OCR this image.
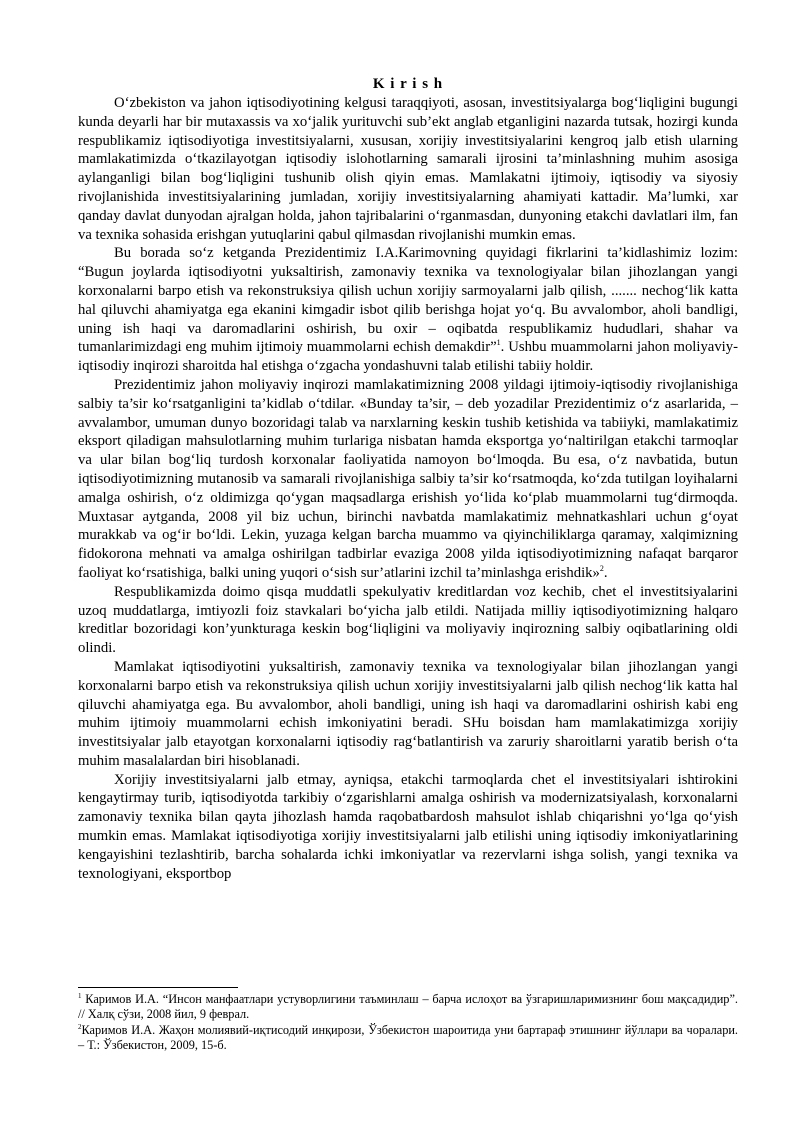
K i r i s h

O‘zbekiston va jahon iqtisodiyotining kelgusi taraqqiyoti, asosan, investitsiyalarga bog‘liqligini bugungi kunda deyarli har bir mutaxassis va xo‘jalik yurituvchi sub’ekt anglab etganligini nazarda tutsak, hozirgi kunda respublikamiz iqtisodiyotiga investitsiyalarni, xususan, xorijiy investitsiyalarini kengroq jalb etish ularning mamlakatimizda o‘tkazilayotgan iqtisodiy islohotlarning samarali ijrosini ta’minlashning muhim asosiga aylanganligi bilan bog‘liqligini tushunib olish qiyin emas. Mamlakatni ijtimoiy, iqtisodiy va siyosiy rivojlanishida investitsiyalarining jumladan, xorijiy investitsiyalarning ahamiyati kattadir. Ma’lumki, xar qanday davlat dunyodan ajralgan holda, jahon tajribalarini o‘rganmasdan, dunyoning etakchi davlatlari ilm, fan va texnika sohasida erishgan yutuqlarini qabul qilmasdan rivojlanishi mumkin emas.

Bu borada so‘z ketganda Prezidentimiz I.A.Karimovning quyidagi fikrlarini ta’kidlashimiz lozim: “Bugun joylarda iqtisodiyotni yuksaltirish, zamonaviy texnika va texnologiyalar bilan jihozlangan yangi korxonalarni barpo etish va rekonstruksiya qilish uchun xorijiy sarmoyalarni jalb qilish, ....... nechog‘lik katta hal qiluvchi ahamiyatga ega ekanini kimgadir isbot qilib berishga hojat yo‘q. Bu avvalombor, aholi bandligi, uning ish haqi va daromadlarini oshirish, bu oxir – oqibatda respublikamiz hududlari, shahar va tumanlarimizdagi eng muhim ijtimoiy muammolarni echish demakdir”$^1$. Ushbu muammolarni jahon moliyaviy-iqtisodiy inqirozi sharoitda hal etishga o‘zgacha yondashuvni talab etilishi tabiiy holdir.

Prezidentimiz jahon moliyaviy inqirozi mamlakatimizning 2008 yildagi ijtimoiy-iqtisodiy rivojlanishiga salbiy ta’sir ko‘rsatganligini ta’kidlab o‘tdilar. «Bunday ta’sir, – deb yozadilar Prezidentimiz o‘z asarlarida, – avvalambor, umuman dunyo bozoridagi talab va narxlarning keskin tushib ketishida va tabiiyki, mamlakatimiz eksport qiladigan mahsulotlarning muhim turlariga nisbatan hamda eksportga yo‘naltirilgan etakchi tarmoqlar va ular bilan bog‘liq turdosh korxonalar faoliyatida namoyon bo‘lmoqda. Bu esa, o‘z navbatida, butun iqtisodiyotimizning mutanosib va samarali rivojlanishiga salbiy ta’sir ko‘rsatmoqda, ko‘zda tutilgan loyihalarni amalga oshirish, o‘z oldimizga qo‘ygan maqsadlarga erishish yo‘lida ko‘plab muammolarni tug‘dirmoqda. Muxtasar aytganda, 2008 yil biz uchun, birinchi navbatda mamlakatimiz mehnatkashlari uchun g‘oyat murakkab va og‘ir bo‘ldi. Lekin, yuzaga kelgan barcha muammo va qiyinchiliklarga qaramay, xalqimizning fidokorona mehnati va amalga oshirilgan tadbirlar evaziga 2008 yilda iqtisodiyotimizning nafaqat barqaror faoliyat ko‘rsatishiga, balki uning yuqori o‘sish sur’atlarini izchil ta’minlashga erishdik»$^2$.

Respublikamizda doimo qisqa muddatli spekulyativ kreditlardan voz kechib, chet el investitsiyalarini uzoq muddatlarga, imtiyozli foiz stavkalari bo‘yicha jalb etildi. Natijada milliy iqtisodiyotimizning halqaro kreditlar bozoridagi kon’yunkturaga keskin bog‘liqligini va moliyaviy inqirozning salbiy oqibatlarining oldi olindi.

Mamlakat iqtisodiyotini yuksaltirish, zamonaviy texnika va texnologiyalar bilan jihozlangan yangi korxonalarni barpo etish va rekonstruksiya qilish uchun xorijiy investitsiyalarni jalb qilish nechog‘lik katta hal qiluvchi ahamiyatga ega. Bu avvalombor, aholi bandligi, uning ish haqi va daromadlarini oshirish kabi eng muhim ijtimoiy muammolarni echish imkoniyatini beradi. SHu boisdan ham mamlakatimizga xorijiy investitsiyalar jalb etayotgan korxonalarni iqtisodiy rag‘batlantirish va zaruriy sharoitlarni yaratib berish o‘ta muhim masalalardan biri hisoblanadi.

Xorijiy investitsiyalarni jalb etmay, ayniqsa, etakchi tarmoqlarda chet el investitsiyalari ishtirokini kengaytirmay turib, iqtisodiyotda tarkibiy o‘zgarishlarni amalga oshirish va modernizatsiyalash, korxonalarni zamonaviy texnika bilan qayta jihozlash hamda raqobatbardosh mahsulot ishlab chiqarishni yo‘lga qo‘yish mumkin emas. Mamlakat iqtisodiyotiga xorijiy investitsiyalarni jalb etilishi uning iqtisodiy imkoniyatlarining kengayishini tezlashtirib, barcha sohalarda ichki imkoniyatlar va rezervlarni ishga solish, yangi texnika va texnologiyani, eksportbop

$^1$ Каримов И.А. “Инсон манфаатлари устуворлигини таъминлаш – барча ислоҳот ва ўзгаришларимизнинг бош мақсадидир”. // Халқ сўзи, 2008 йил, 9 феврал.

$^2$Каримов И.А. Жаҳон молиявий-иқтисодий инқирози, Ўзбекистон шароитида уни бартараф этишнинг йўллари ва чоралари. – Т.: Ўзбекистон, 2009, 15-б.
